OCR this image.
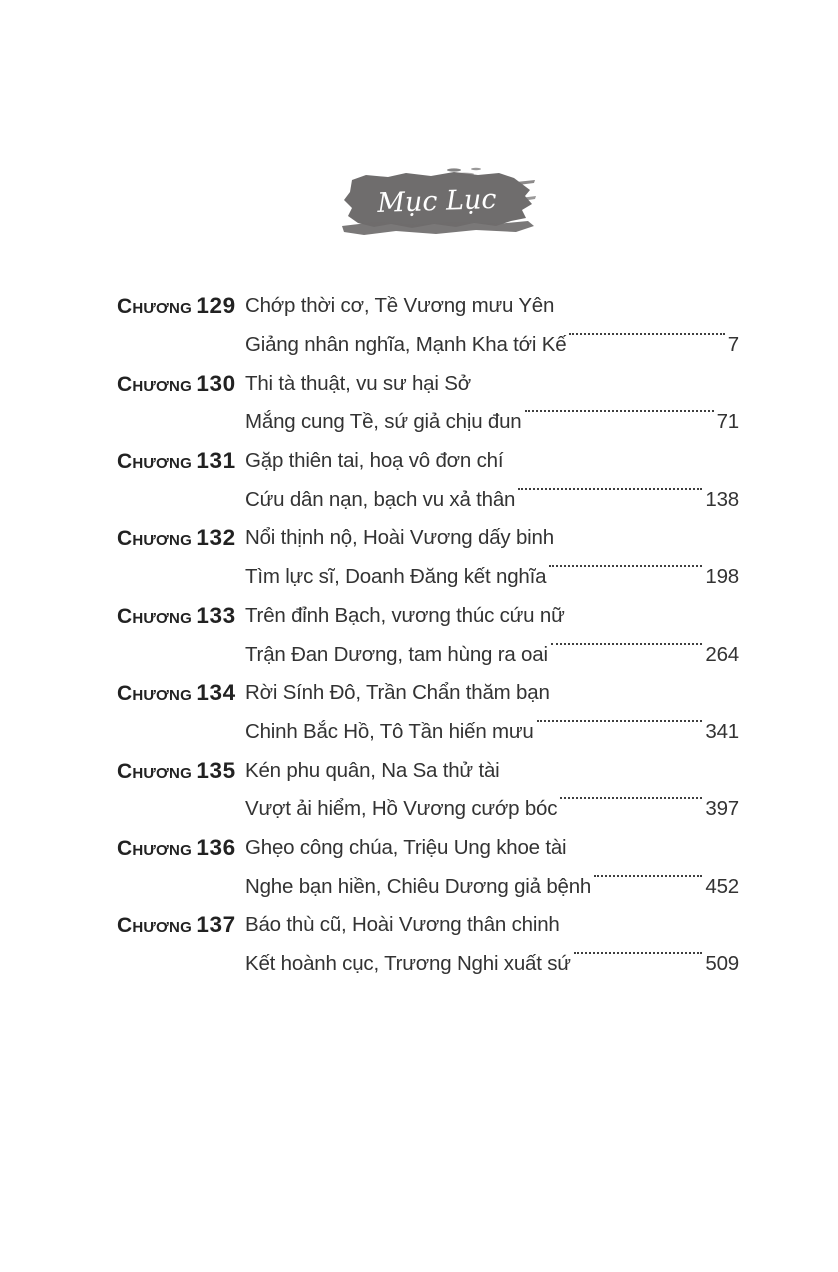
Mục Lục
Chương 129 Chớp thời cơ, Tề Vương mưu Yên
Giảng nhân nghĩa, Mạnh Kha tới Kế	7
Chương 130 Thi tà thuật, vu sư hại Sở
Mắng cung Tề, sứ giả chịu đun	71
Chương 131 Gặp thiên tai, hoạ vô đơn chí
Cứu dân nạn, bạch vu xả thân	138
Chương 132 Nổi thịnh nộ, Hoài Vương dấy binh
Tìm lực sĩ, Doanh Đăng kết nghĩa	198
Chương 133 Trên đỉnh Bạch, vương thúc cứu nữ
Trận Đan Dương, tam hùng ra oai	264
Chương 134 Rời Sính Đô, Trần Chẩn thăm bạn
Chinh Bắc Hồ, Tô Tần hiến mưu	341
Chương 135 Kén phu quân, Na Sa thử tài
Vượt ải hiểm, Hồ Vương cướp bóc	397
Chương 136 Ghẹo công chúa, Triệu Ung khoe tài
Nghe bạn hiền, Chiêu Dương giả bệnh	452
Chương 137 Báo thù cũ, Hoài Vương thân chinh
Kết hoành cục, Trương Nghi xuất sứ	509
